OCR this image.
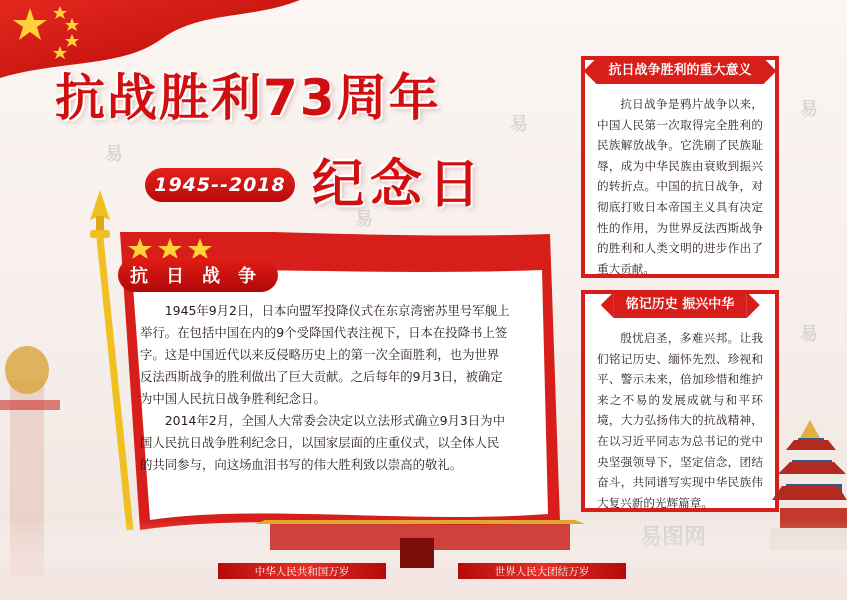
易
易
易
易
易
抗战胜利73周年
1945--2018 纪念日
抗日战争

1945年9月2日，日本向盟军投降仪式在东京湾密苏里号军舰上举行。在包括中国在内的9个受降国代表注视下，日本在投降书上签字。这是中国近代以来反侵略历史上的第一次全面胜利，也为世界反法西斯战争的胜利做出了巨大贡献。之后每年的9月3日，被确定为中国人民抗日战争胜利纪念日。

2014年2月，全国人大常委会决定以立法形式确立9月3日为中国人民抗日战争胜利纪念日，以国家层面的庄重仪式，以全体人民的共同参与，向这场血泪书写的伟大胜利致以崇高的敬礼。

抗日战争胜利的重大意义

抗日战争是鸦片战争以来，中国人民第一次取得完全胜利的民族解放战争。它洗刷了民族耻辱，成为中华民族由衰败到振兴的转折点。中国的抗日战争，对彻底打败日本帝国主义具有决定性的作用，为世界反法西斯战争的胜利和人类文明的进步作出了重大贡献。

铭记历史 振兴中华

殷忧启圣，多难兴邦。让我们铭记历史、缅怀先烈、珍视和平、警示未来，倍加珍惜和维护来之不易的发展成就与和平环境，大力弘扬伟大的抗战精神，在以习近平同志为总书记的党中央坚强领导下，坚定信念，团结奋斗，共同谱写实现中华民族伟大复兴新的光辉篇章。

中华人民共和国万岁	世界人民大团结万岁
